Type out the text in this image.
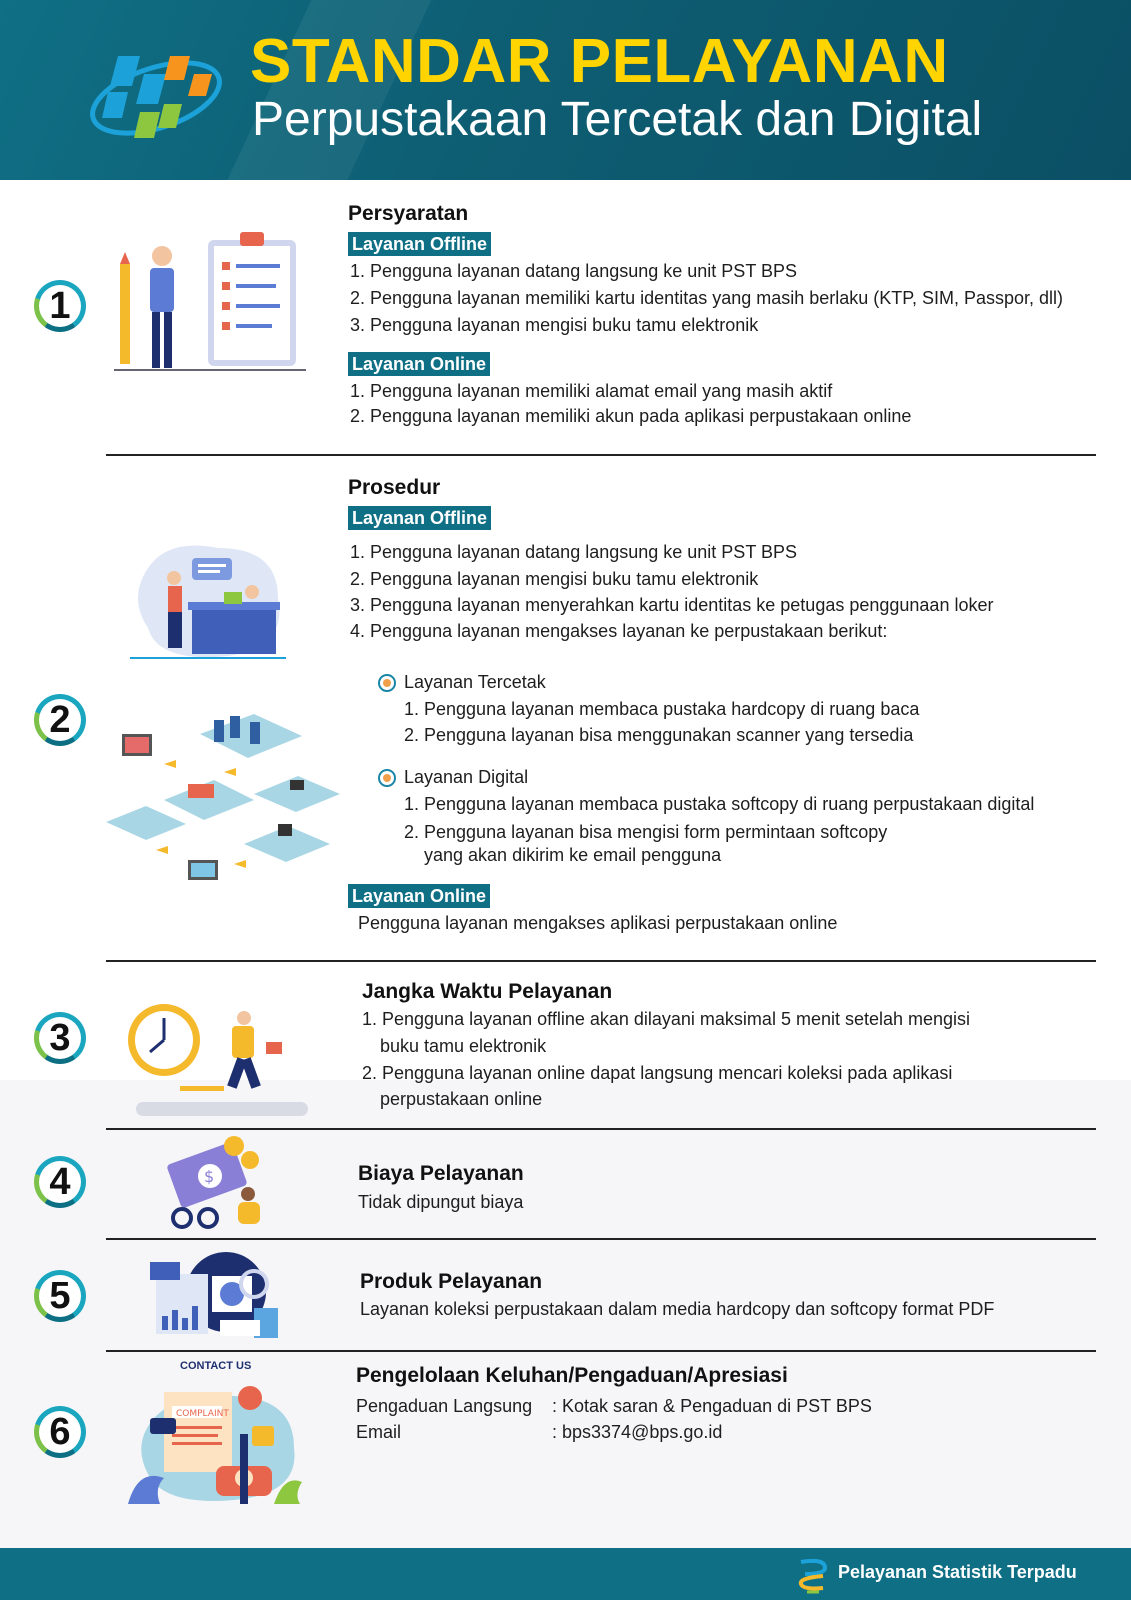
STANDAR PELAYANAN
Perpustakaan Tercetak dan Digital
1
Persyaratan
Layanan Offline
1. Pengguna layanan datang langsung ke unit PST BPS
2. Pengguna layanan memiliki kartu identitas yang masih berlaku (KTP, SIM, Passpor, dll)
3. Pengguna layanan mengisi buku tamu elektronik
Layanan Online
1. Pengguna layanan memiliki alamat email yang masih aktif
2. Pengguna layanan memiliki akun pada aplikasi perpustakaan online
2
Prosedur
Layanan Offline
1. Pengguna layanan datang langsung ke unit PST BPS
2. Pengguna layanan mengisi buku tamu elektronik
3. Pengguna layanan menyerahkan kartu identitas ke petugas penggunaan loker
4. Pengguna layanan mengakses layanan ke perpustakaan berikut:
Layanan Tercetak
1. Pengguna layanan membaca pustaka hardcopy di ruang baca
2. Pengguna layanan bisa menggunakan scanner yang tersedia
Layanan Digital
1. Pengguna layanan membaca pustaka softcopy di ruang perpustakaan digital
2. Pengguna layanan bisa mengisi form permintaan softcopy
yang akan dikirim ke email pengguna
Layanan Online
Pengguna layanan mengakses aplikasi perpustakaan online
3
Jangka Waktu Pelayanan
1. Pengguna layanan offline akan dilayani maksimal 5 menit setelah mengisi
buku tamu elektronik
2. Pengguna layanan online dapat langsung mencari koleksi pada aplikasi
perpustakaan online
4	$	Biaya Pelayanan
Tidak dipungut biaya
5	Produk Pelayanan
Layanan koleksi perpustakaan dalam media hardcopy dan softcopy format PDF
6
CONTACT US
COMPLAINT
Pengelolaan Keluhan/Pengaduan/Apresiasi
Pengaduan Langsung : Kotak saran & Pengaduan di PST BPS
Email	: bps3374@bps.go.id
Pelayanan Statistik Terpadu
